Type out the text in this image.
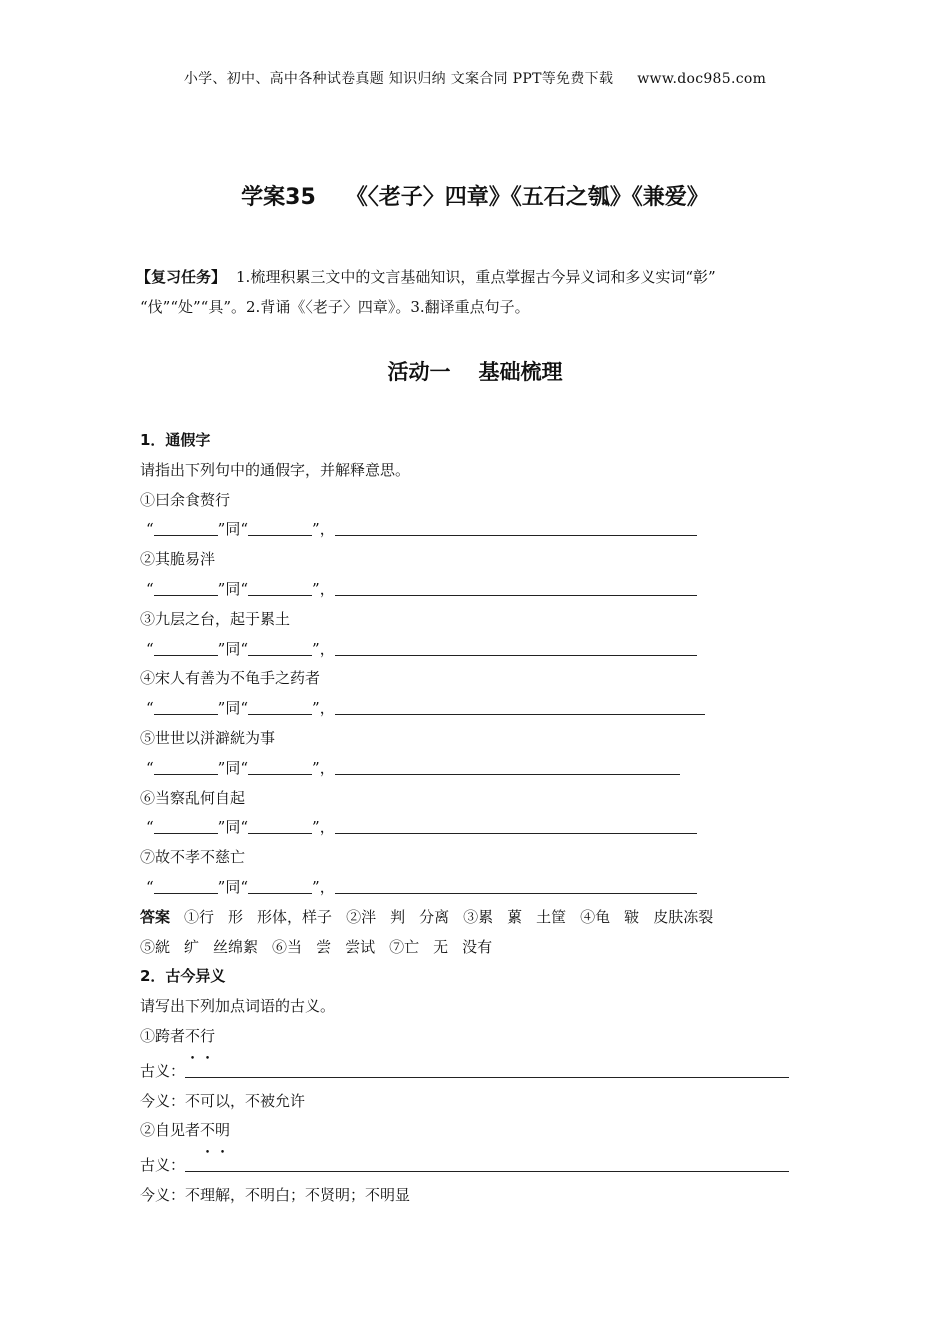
小学、初中、高中各种试卷真题 知识归纳 文案合同 PPT等免费下载 www.doc985.com
学案35 《〈老子〉四章》《五石之瓠》《兼爱》
【复习任务】 1.梳理积累三文中的文言基础知识，重点掌握古今异义词和多义实词“彰”
“伐”“处”“具”。2.背诵《〈老子〉四章》。3.翻译重点句子。
活动一 基础梳理
1．通假字
请指出下列句中的通假字，并解释意思。
①曰余食赘行
“	”同“	”，
②其脆易泮
“	”同“	”，
③九层之台，起于累土
“	”同“	”，
④宋人有善为不龟手之药者
“	”同“	”，
⑤世世以洴澼絖为事
“	”同“	”，
⑥当察乱何自起
“	”同“	”，
⑦故不孝不慈亡
“	”同“	”，
答案 ①行 形 形体，样子 ②泮 判 分离 ③累 蔂 土筐 ④龟 皲 皮肤冻裂
⑤絖 纩 丝绵絮 ⑥当 尝 尝试 ⑦亡 无 没有
2．古今异义
请写出下列加点词语的古义。
①跨者不行
古义：
今义：不可以，不被允许
②自见者不明
古义：
今义：不理解，不明白；不贤明；不明显
